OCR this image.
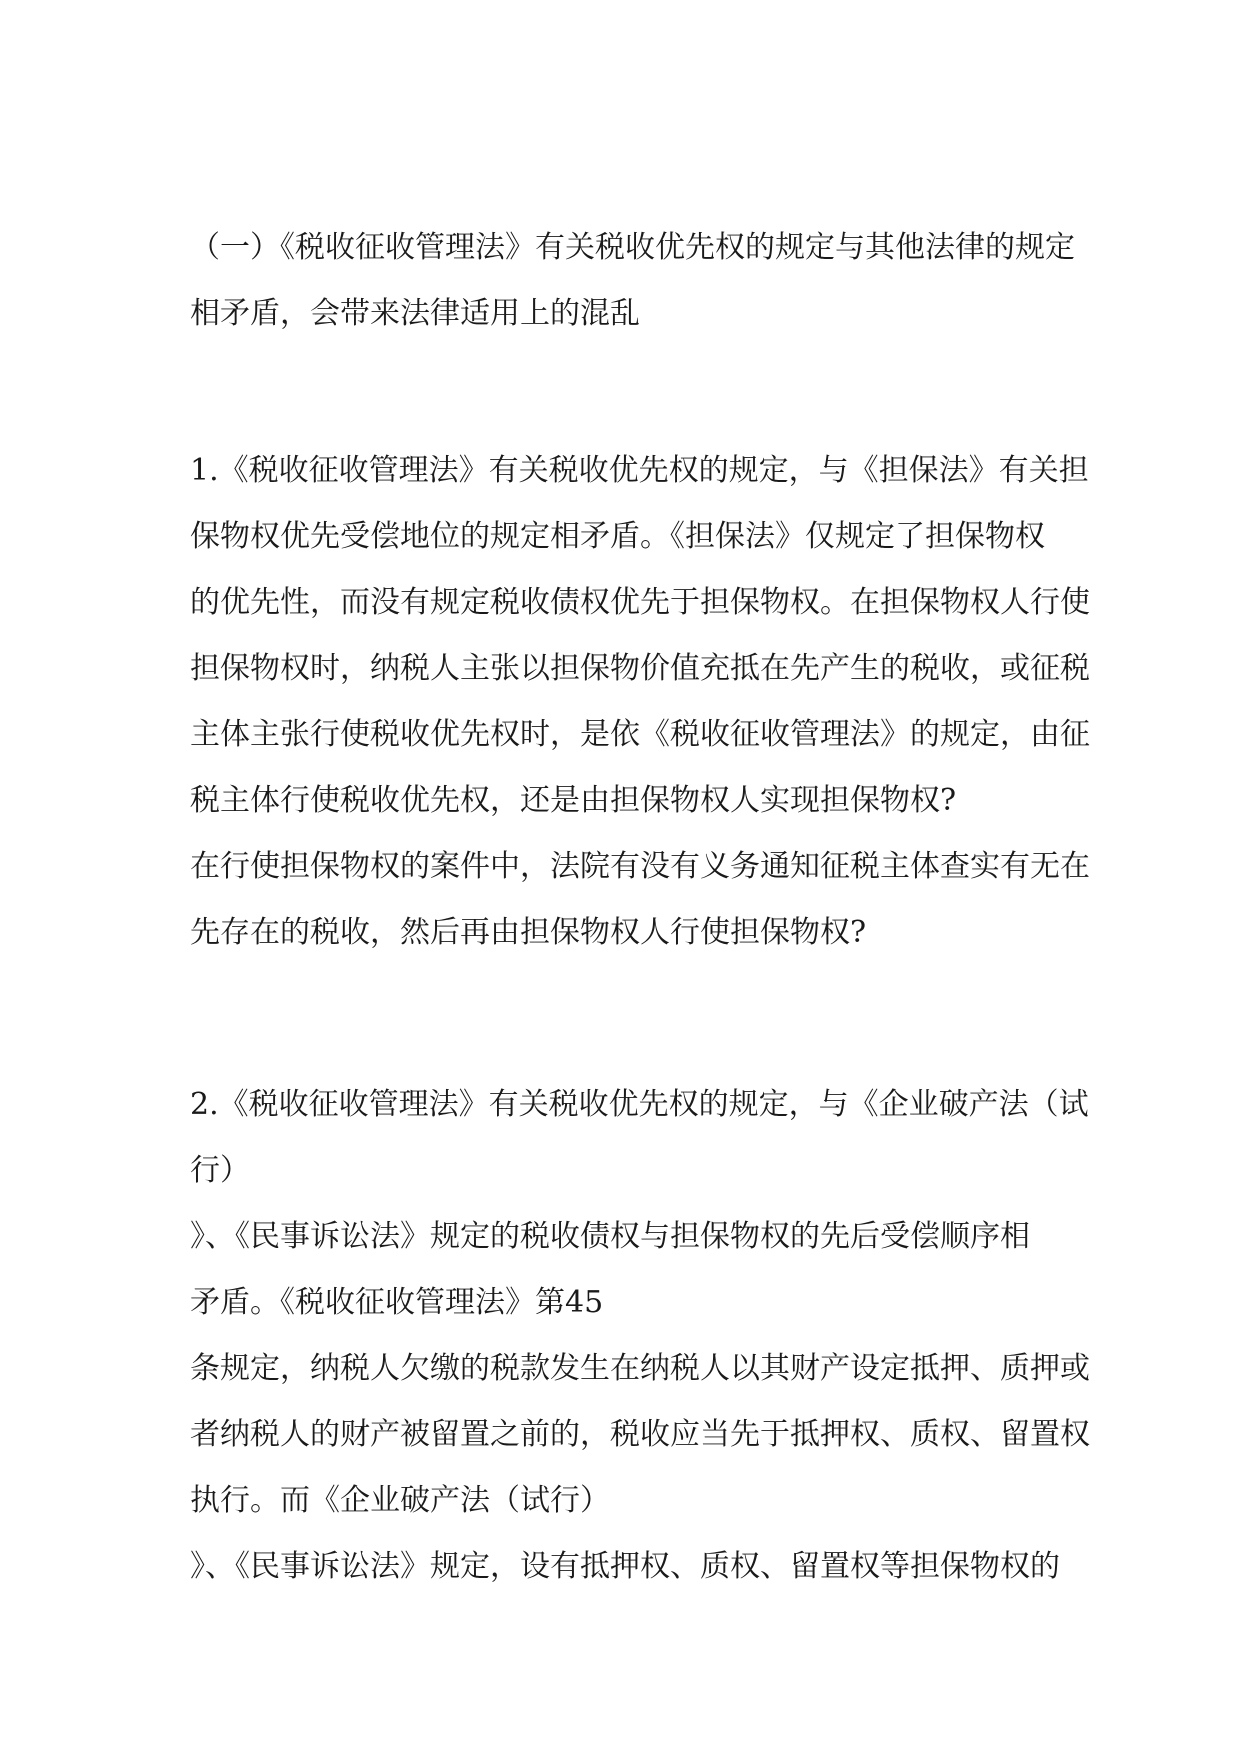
（一）《税收征收管理法》有关税收优先权的规定与其他法律的规定
相矛盾，会带来法律适用上的混乱
1.《税收征收管理法》有关税收优先权的规定，与《担保法》有关担
保物权优先受偿地位的规定相矛盾。《担保法》仅规定了担保物权
的优先性，而没有规定税收债权优先于担保物权。在担保物权人行使
担保物权时，纳税人主张以担保物价值充抵在先产生的税收，或征税
主体主张行使税收优先权时，是依《税收征收管理法》的规定，由征
税主体行使税收优先权，还是由担保物权人实现担保物权?
在行使担保物权的案件中，法院有没有义务通知征税主体查实有无在
先存在的税收，然后再由担保物权人行使担保物权?
2.《税收征收管理法》有关税收优先权的规定，与《企业破产法（试
行）
》、《民事诉讼法》规定的税收债权与担保物权的先后受偿顺序相
矛盾。《税收征收管理法》第45
条规定，纳税人欠缴的税款发生在纳税人以其财产设定抵押、质押或
者纳税人的财产被留置之前的，税收应当先于抵押权、质权、留置权
执行。而《企业破产法（试行）
》、《民事诉讼法》规定，设有抵押权、质权、留置权等担保物权的
